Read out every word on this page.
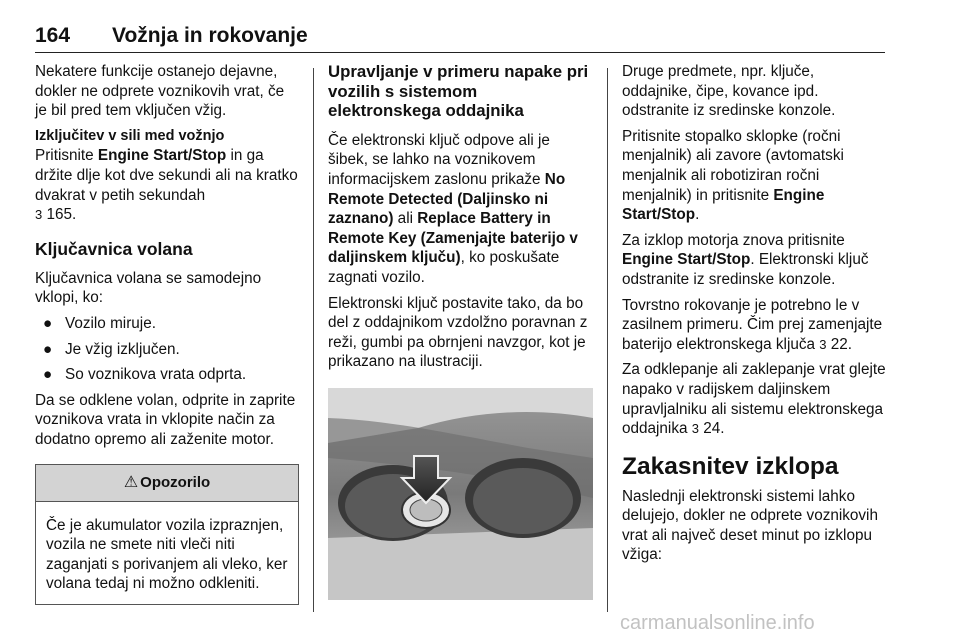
164 Vožnja in rokovanje

Nekatere funkcije ostanejo dejavne, dokler ne odprete voznikovih vrat, če je bil pred tem vključen vžig.

Izključitev v sili med vožnjo

Pritisnite Engine Start/Stop in ga držite dlje kot dve sekundi ali na kratko dvakrat v petih sekundah
3 165.

Ključavnica volana

Ključavnica volana se samodejno vklopi, ko:

● Vozilo miruje.
● Je vžig izključen.
● So voznikova vrata odprta.

Da se odklene volan, odprite in zaprite voznikova vrata in vklopite način za dodatno opremo ali zaženite motor.

⚠ Opozorilo
Če je akumulator vozila izpraznjen, vozila ne smete niti vleči niti zaganjati s porivanjem ali vleko, ker volana tedaj ni možno odkleniti.
Upravljanje v primeru napake pri vozilih s sistemom elektronskega oddajnika

Če elektronski ključ odpove ali je šibek, se lahko na voznikovem informacijskem zaslonu prikaže No Remote Detected (Daljinsko ni zaznano) ali Replace Battery in Remote Key (Zamenjajte baterijo v daljinskem ključu), ko poskušate zagnati vozilo.

Elektronski ključ postavite tako, da bo del z oddajnikom vzdolžno poravnan z reži, gumbi pa obrnjeni navzgor, kot je prikazano na ilustraciji.

Druge predmete, npr. ključe, oddajnike, čipe, kovance ipd. odstranite iz sredinske konzole.

Pritisnite stopalko sklopke (ročni menjalnik) ali zavore (avtomatski menjalnik ali robotiziran ročni menjalnik) in pritisnite Engine Start/Stop.

Za izklop motorja znova pritisnite Engine Start/Stop. Elektronski ključ odstranite iz sredinske konzole.

Tovrstno rokovanje je potrebno le v zasilnem primeru. Čim prej zamenjajte baterijo elektronskega ključa 3 22.

Za odklepanje ali zaklepanje vrat glejte napako v radijskem daljinskem upravljalniku ali sistemu elektronskega oddajnika 3 24.

Zakasnitev izklopa

Naslednji elektronski sistemi lahko delujejo, dokler ne odprete voznikovih vrat ali največ deset minut po izklopu vžiga:

carmanualsonline.info
